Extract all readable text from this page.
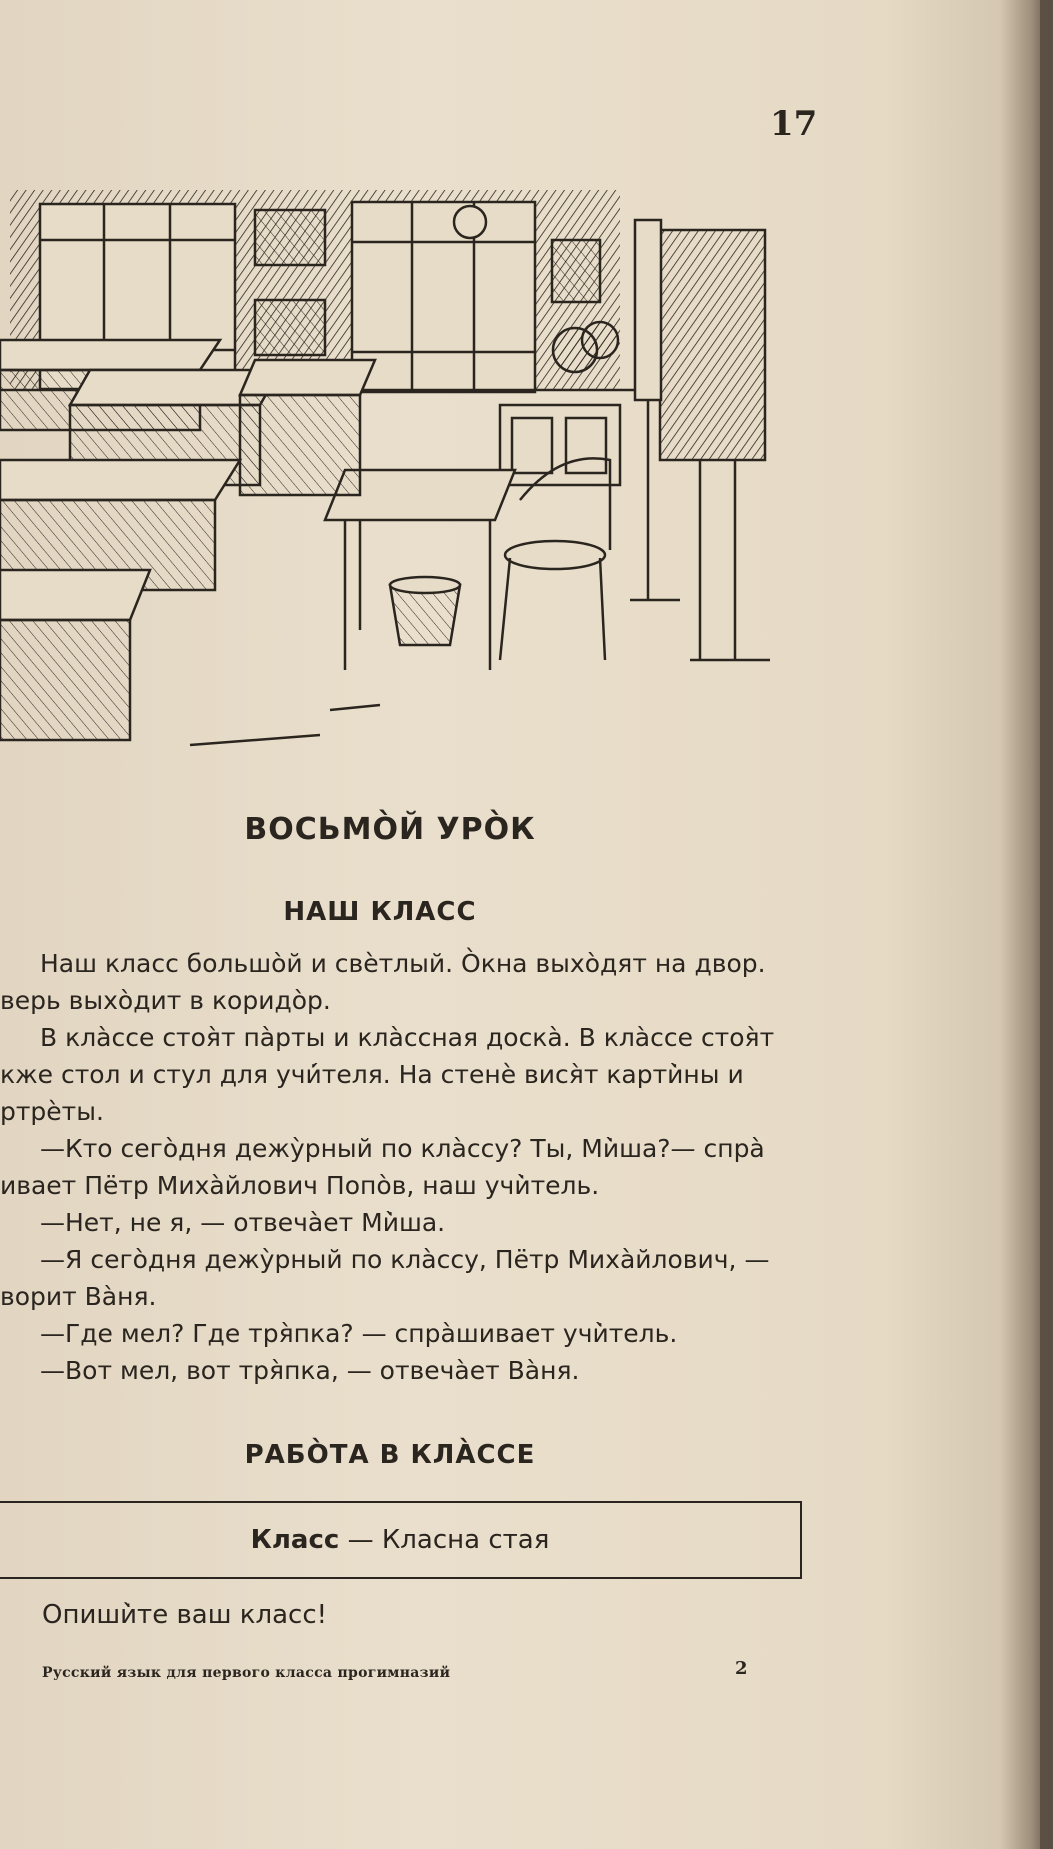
17
ВОСЬМО̀Й УРО̀К
НАШ КЛАСС
Наш класс большо̀й и свѐтлый. О̀кна выхо̀дят на двор.
верь выхо̀дит в коридо̀р.
В кла̀ссе стоя̀т па̀рты и кла̀ссная доска̀. В кла̀ссе стоя̀т
кже стол и стул для учи̇́теля. На стенѐ вися̀т карти̇̀ны и
ртрѐты.
—Кто сего̀дня дежу̀рный по кла̀ссу? Ты, Ми̇̀ша?— спра̀
ивает Пётр Миха̀йлович Попо̀в, наш учи̇̀тель.
—Нет, не я, — отвеча̀ет Ми̇̀ша.
—Я сего̀дня дежу̀рный по кла̀ссу, Пётр Миха̀йлович, —
ворит Ва̀ня.
—Где мел? Где тря̀пка? — спра̀шивает учи̇̀тель.
—Вот мел, вот тря̀пка, — отвеча̀ет Ва̀ня.
РАБО̀ТА В КЛА̀ССЕ
Класс — Класна стая
Опиши̇̀те ваш класс!
Русский язык для первого класса прогимназий	2
